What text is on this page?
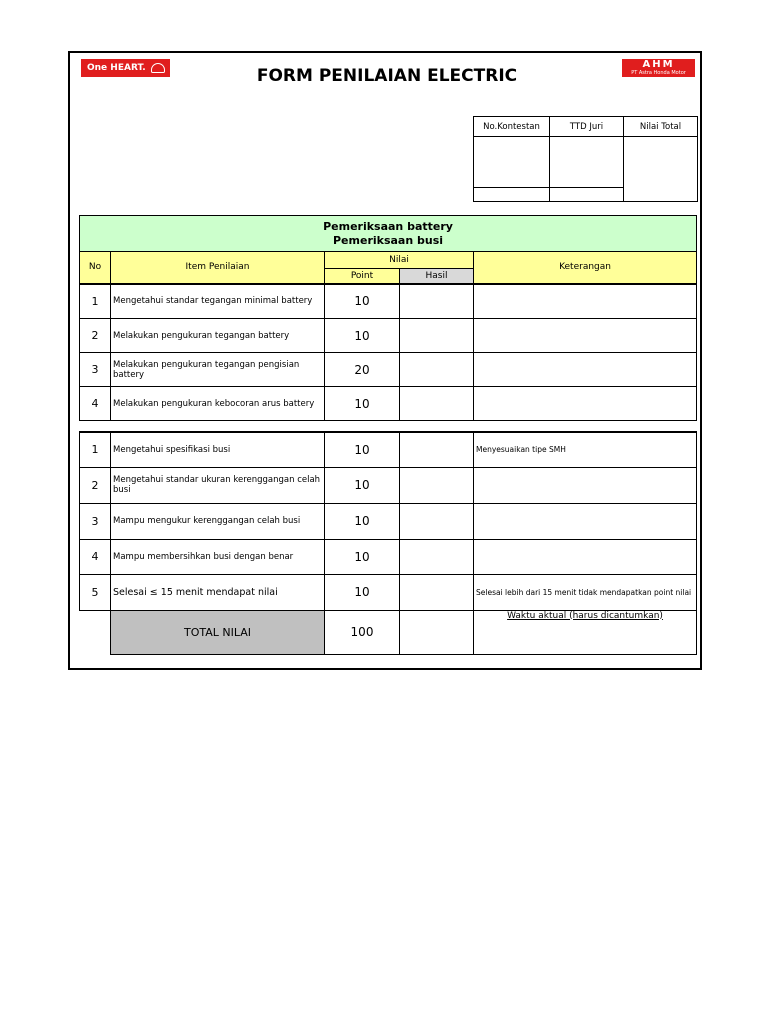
One HEART.	FORM PENILAIAN ELECTRIC
AHM
PT Astra Honda Motor
No.Kontestan	TTD Juri	Nilai Total

Pemeriksaan battery
Pemeriksaan busi				

No	Item Penilaian	Nilai		Keterangan
		Point	Hasil	
1	Mengetahui standar tegangan minimal battery	10		
2	Melakukan pengukuran tegangan battery	10		
3	Melakukan pengukuran tegangan pengisian battery	20		
4	Melakukan pengukuran kebocoran arus battery	10		

1	Mengetahui spesifikasi busi	10		Menyesuaikan tipe SMH
2	Mengetahui standar ukuran kerenggangan celah busi	10		
3	Mampu mengukur kerenggangan celah busi	10		
4	Mampu membersihkan busi dengan benar	10		
5	Selesai ≤ 15 menit mendapat nilai	10		Selesai lebih dari 15 menit tidak mendapatkan point nilai
	TOTAL NILAI	100		Waktu aktual (harus dicantumkan)
